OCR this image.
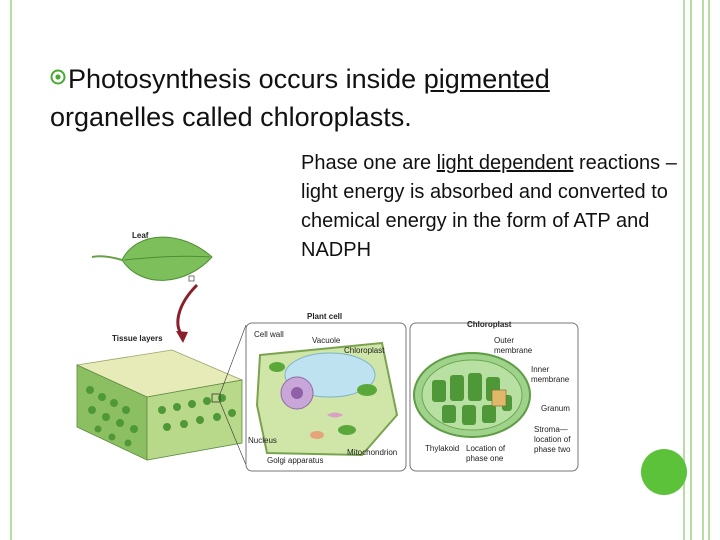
Photosynthesis occurs inside pigmented organelles called chloroplasts.
Phase one are light dependent reactions – light energy is absorbed and converted to chemical energy in the form of ATP and NADPH
Leaf
Tissue layers
Plant cell
Cell wall
Vacuole
Chloroplast
Nucleus
Golgi apparatus
Mitochondrion
Chloroplast
Outer
membrane
Inner
membrane
Granum
Thylakoid Location of
phase one
Stroma—
location of
phase two
